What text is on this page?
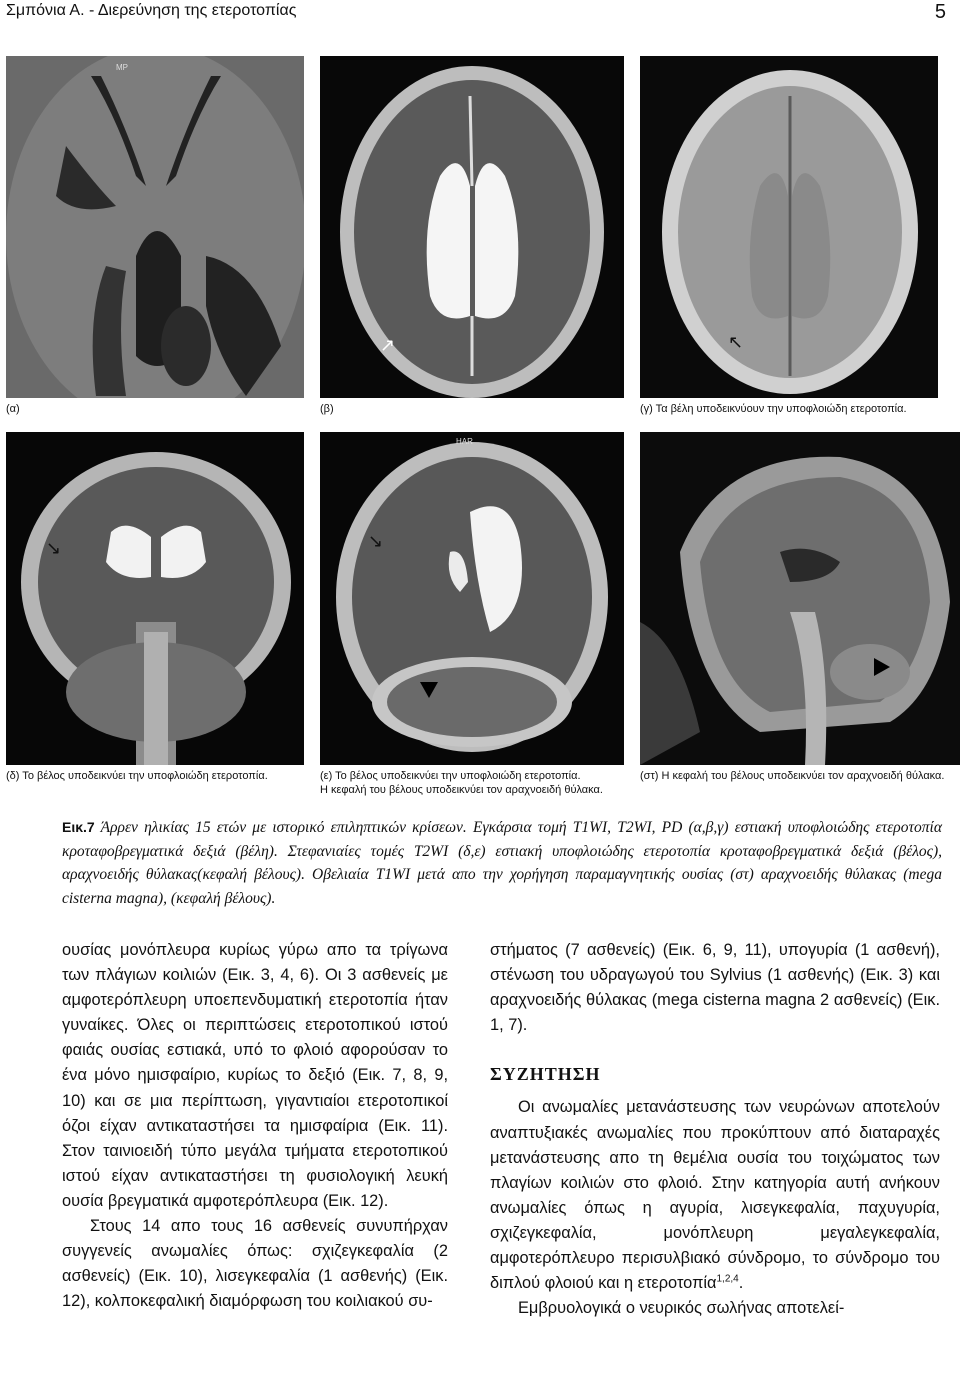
Σμπόνια Α. - Διερεύνηση της ετεροτοπίας	5
MP
↗	↖
(α)	(β)	(γ) Τα βέλη υποδεικνύουν την υποφλοιώδη ετεροτοπία.
↘	↘
HAR
(δ) Το βέλος υποδεικνύει την υποφλοιώδη ετεροτοπία.	(ε) Το βέλος υποδεικνύει την υποφλοιώδη ετεροτοπία.
Η κεφαλή του βέλους υποδεικνύει τον αραχνοειδή θύλακα.
(στ) Η κεφαλή του βέλους υποδεικνύει τον αραχνοειδή θύλακα.
Εικ.7 Άρρεν ηλικίας 15 ετών με ιστορικό επιληπτικών κρίσεων. Εγκάρσια τομή T1WI, T2WI, PD (α,β,γ) εστιακή υποφλοιώδης ετεροτοπία κροταφοβρεγματικά δεξιά (βέλη). Στεφανιαίες τομές T2WI (δ,ε) εστιακή υποφλοιώδης ετεροτοπία κροταφοβρεγματικά δεξιά (βέλος), αραχνοειδής θύλακας(κεφαλή βέλους). Οβελιαία T1WI μετά απο την χορήγηση παραμαγνητικής ουσίας (στ) αραχνοειδής θύλακας (mega cisterna magna), (κεφαλή βέλους).

ουσίας μονόπλευρα κυρίως γύρω απο τα τρίγωνα των πλάγιων κοιλιών (Εικ. 3, 4, 6). Οι 3 ασθενείς με αμφοτερόπλευρη υποεπενδυματική ετεροτοπία ήταν γυναίκες. Όλες οι περιπτώσεις ετεροτοπικού ιστού φαιάς ουσίας εστιακά, υπό το φλοιό αφορούσαν το ένα μόνο ημισφαίριο, κυρίως το δεξιό (Εικ. 7, 8, 9, 10) και σε μια περίπτωση, γιγαντιαίοι ετεροτοπικοί όζοι είχαν αντικαταστήσει τα ημισφαίρια (Εικ. 11). Στον ταινιοειδή τύπο μεγάλα τμήματα ετεροτοπικού ιστού είχαν αντικαταστήσει τη φυσιολογική λευκή ουσία βρεγματικά αμφοτερόπλευρα (Εικ. 12).

Στους 14 απο τους 16 ασθενείς συνυπήρχαν συγγενείς ανωμαλίες όπως: σχιζεγκεφαλία (2 ασθενείς) (Εικ. 10), λισεγκεφαλία (1 ασθενής) (Εικ. 12), κολποκεφαλική διαμόρφωση του κοιλιακού συ-

στήματος (7 ασθενείς) (Εικ. 6, 9, 11), υπογυρία (1 ασθενή), στένωση του υδραγωγού του Sylvius (1 ασθενής) (Εικ. 3) και αραχνοειδής θύλακας (mega cisterna magna 2 ασθενείς) (Εικ. 1, 7).

ΣΥΖΗΤΗΣΗ

Οι ανωμαλίες μετανάστευσης των νευρώνων αποτελούν αναπτυξιακές ανωμαλίες που προκύπτουν από διαταραχές μετανάστευσης απο τη θεμέλια ουσία του τοιχώματος των πλαγίων κοιλιών στο φλοιό. Στην κατηγορία αυτή ανήκουν ανωμαλίες όπως η αγυρία, λισεγκεφαλία, παχυγυρία, σχιζεγκεφαλία, μονόπλευρη μεγαλεγκεφαλία, αμφοτερόπλευρο περισυλβιακό σύνδρομο, το σύνδρομο του διπλού φλοιού και η ετεροτοπία$^{1,2,4}$.

Εμβρυολογικά ο νευρικός σωλήνας αποτελεί-
